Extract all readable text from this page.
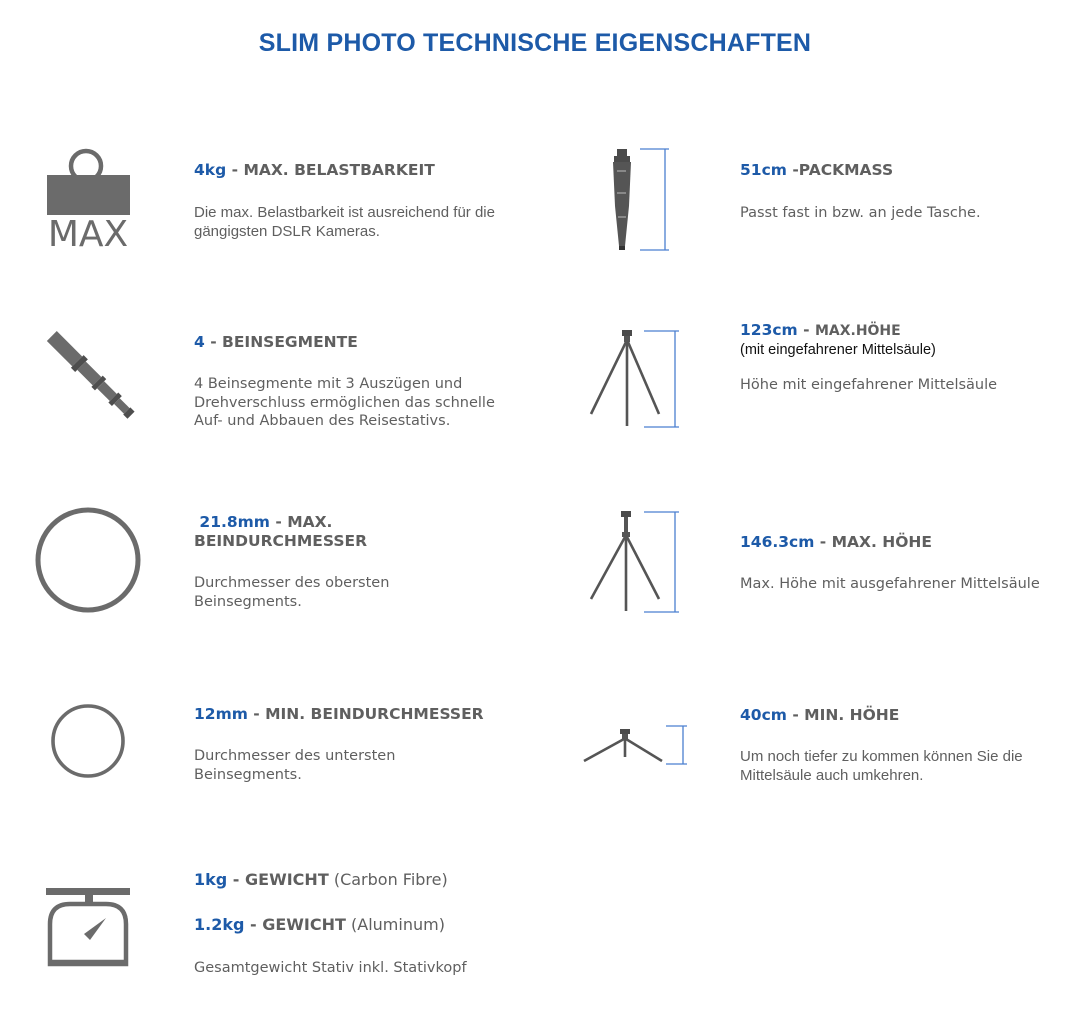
SLIM PHOTO TECHNISCHE EIGENSCHAFTEN
MAX

4kg - MAX. BELASTBARKEIT

Die max. Belastbarkeit ist ausreichend für die gängigsten DSLR Kameras.

51cm -PACKMASS

Passt fast in bzw. an jede Tasche.

4 - BEINSEGMENTE

4 Beinsegmente mit 3 Auszügen und Drehverschluss ermöglichen das schnelle Auf- und Abbauen des Reisestativs.

123cm - MAX.HÖHE

(mit eingefahrener Mittelsäule)

Höhe mit eingefahrener Mittelsäule

21.8mm - MAX.

BEINDURCHMESSER

Durchmesser des obersten Beinsegments.

146.3cm - MAX. HÖHE

Max. Höhe mit ausgefahrener Mittelsäule

12mm - MIN. BEINDURCHMESSER

Durchmesser des untersten Beinsegments.

40cm - MIN. HÖHE

Um noch tiefer zu kommen können Sie die Mittelsäule auch umkehren.

1kg - GEWICHT (Carbon Fibre)

1.2kg - GEWICHT (Aluminum)

Gesamtgewicht Stativ inkl. Stativkopf
